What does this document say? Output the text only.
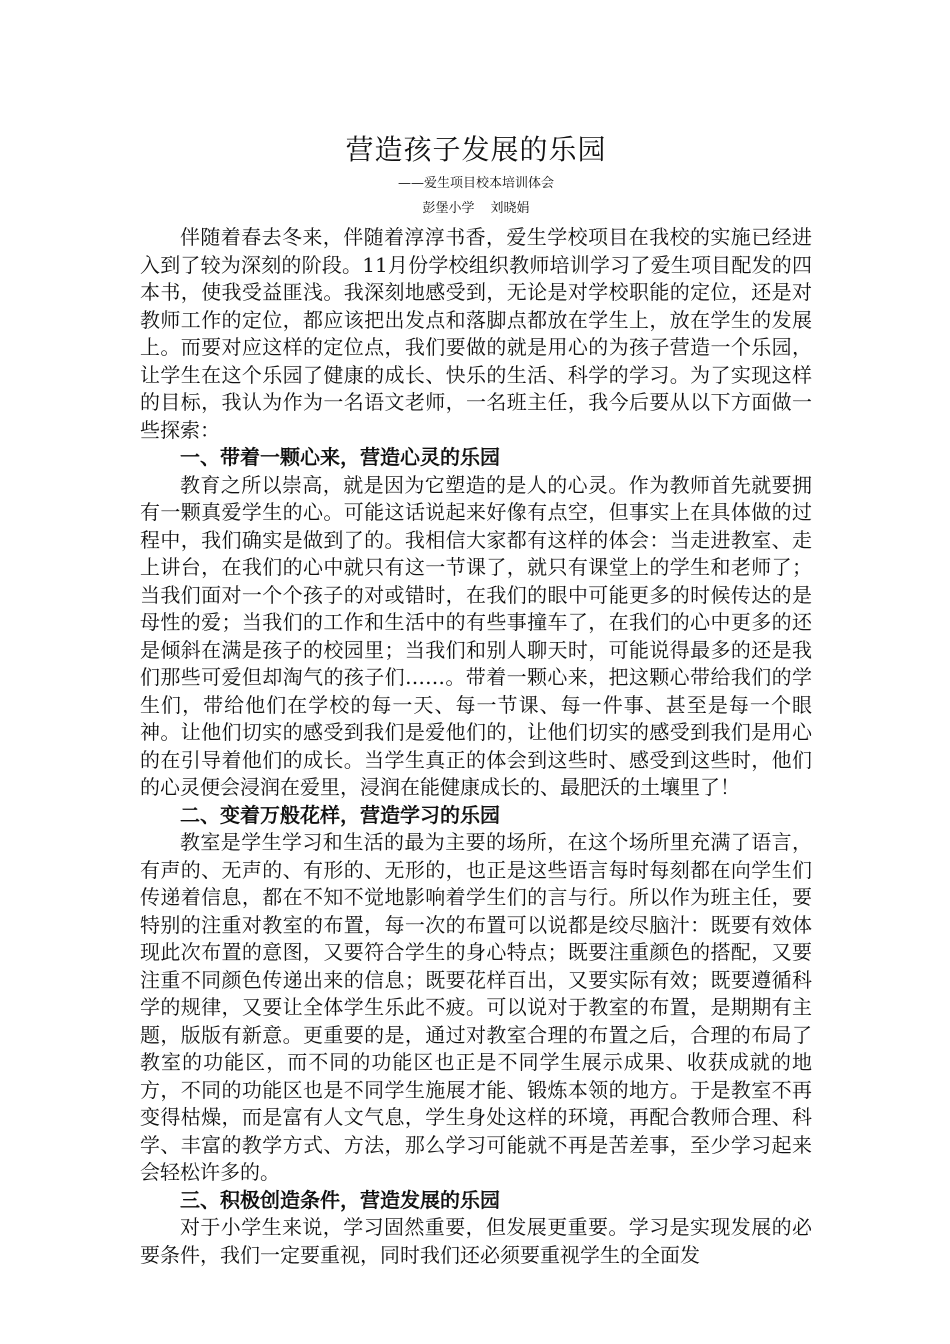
营造孩子发展的乐园

——爱生项目校本培训体会

彭堡小学 刘晓娟

伴随着春去冬来，伴随着淳淳书香，爱生学校项目在我校的实施已经进入到了较为深刻的阶段。11月份学校组织教师培训学习了爱生项目配发的四本书，使我受益匪浅。我深刻地感受到，无论是对学校职能的定位，还是对教师工作的定位，都应该把出发点和落脚点都放在学生上，放在学生的发展上。而要对应这样的定位点，我们要做的就是用心的为孩子营造一个乐园，让学生在这个乐园了健康的成长、快乐的生活、科学的学习。为了实现这样的目标，我认为作为一名语文老师，一名班主任，我今后要从以下方面做一些探索：

一、带着一颗心来，营造心灵的乐园

教育之所以崇高，就是因为它塑造的是人的心灵。作为教师首先就要拥有一颗真爱学生的心。可能这话说起来好像有点空，但事实上在具体做的过程中，我们确实是做到了的。我相信大家都有这样的体会：当走进教室、走上讲台，在我们的心中就只有这一节课了，就只有课堂上的学生和老师了；当我们面对一个个孩子的对或错时，在我们的眼中可能更多的时候传达的是母性的爱；当我们的工作和生活中的有些事撞车了，在我们的心中更多的还是倾斜在满是孩子的校园里；当我们和别人聊天时，可能说得最多的还是我们那些可爱但却淘气的孩子们……。带着一颗心来，把这颗心带给我们的学生们，带给他们在学校的每一天、每一节课、每一件事、甚至是每一个眼神。让他们切实的感受到我们是爱他们的，让他们切实的感受到我们是用心的在引导着他们的成长。当学生真正的体会到这些时、感受到这些时，他们的心灵便会浸润在爱里，浸润在能健康成长的、最肥沃的土壤里了！

二、变着万般花样，营造学习的乐园

教室是学生学习和生活的最为主要的场所，在这个场所里充满了语言，有声的、无声的、有形的、无形的，也正是这些语言每时每刻都在向学生们传递着信息，都在不知不觉地影响着学生们的言与行。所以作为班主任，要特别的注重对教室的布置，每一次的布置可以说都是绞尽脑汁：既要有效体现此次布置的意图，又要符合学生的身心特点；既要注重颜色的搭配，又要注重不同颜色传递出来的信息；既要花样百出，又要实际有效；既要遵循科学的规律，又要让全体学生乐此不疲。可以说对于教室的布置，是期期有主题，版版有新意。更重要的是，通过对教室合理的布置之后，合理的布局了教室的功能区，而不同的功能区也正是不同学生展示成果、收获成就的地方，不同的功能区也是不同学生施展才能、锻炼本领的地方。于是教室不再变得枯燥，而是富有人文气息，学生身处这样的环境，再配合教师合理、科学、丰富的教学方式、方法，那么学习可能就不再是苦差事，至少学习起来会轻松许多的。

三、积极创造条件，营造发展的乐园

对于小学生来说，学习固然重要，但发展更重要。学习是实现发展的必要条件，我们一定要重视，同时我们还必须要重视学生的全面发
